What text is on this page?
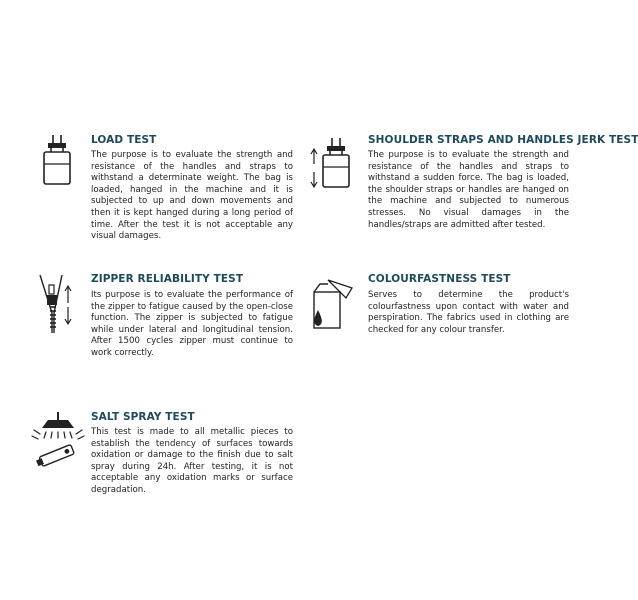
LOAD TEST
The purpose is to evaluate the strength and resistance of the handles and straps to withstand a determinate weight. The bag is loaded, hanged in the machine and it is subjected to up and down movements and then it is kept hanged during a long period of time. After the test it is not acceptable any visual damages.
SHOULDER STRAPS AND HANDLES JERK TEST
The purpose is to evaluate the strength and resistance of the handles and straps to withstand a sudden force. The bag is loaded, the shoulder straps or handles are hanged on the machine and subjected to numerous stresses. No visual damages in the handles/straps are admitted after tested.
ZIPPER RELIABILITY TEST
Its purpose is to evaluate the performance of the zipper to fatigue caused by the open-close function. The zipper is subjected to fatigue while under lateral and longitudinal tension. After 1500 cycles zipper must continue to work correctly.
COLOURFASTNESS TEST
Serves to determine the product's colourfastness upon contact with water and perspiration. The fabrics used in clothing are checked for any colour transfer.
SALT SPRAY TEST
This test is made to all metallic pieces to establish the tendency of surfaces towards oxidation or damage to the finish due to salt spray during 24h. After testing, it is not acceptable any oxidation marks or surface degradation.
